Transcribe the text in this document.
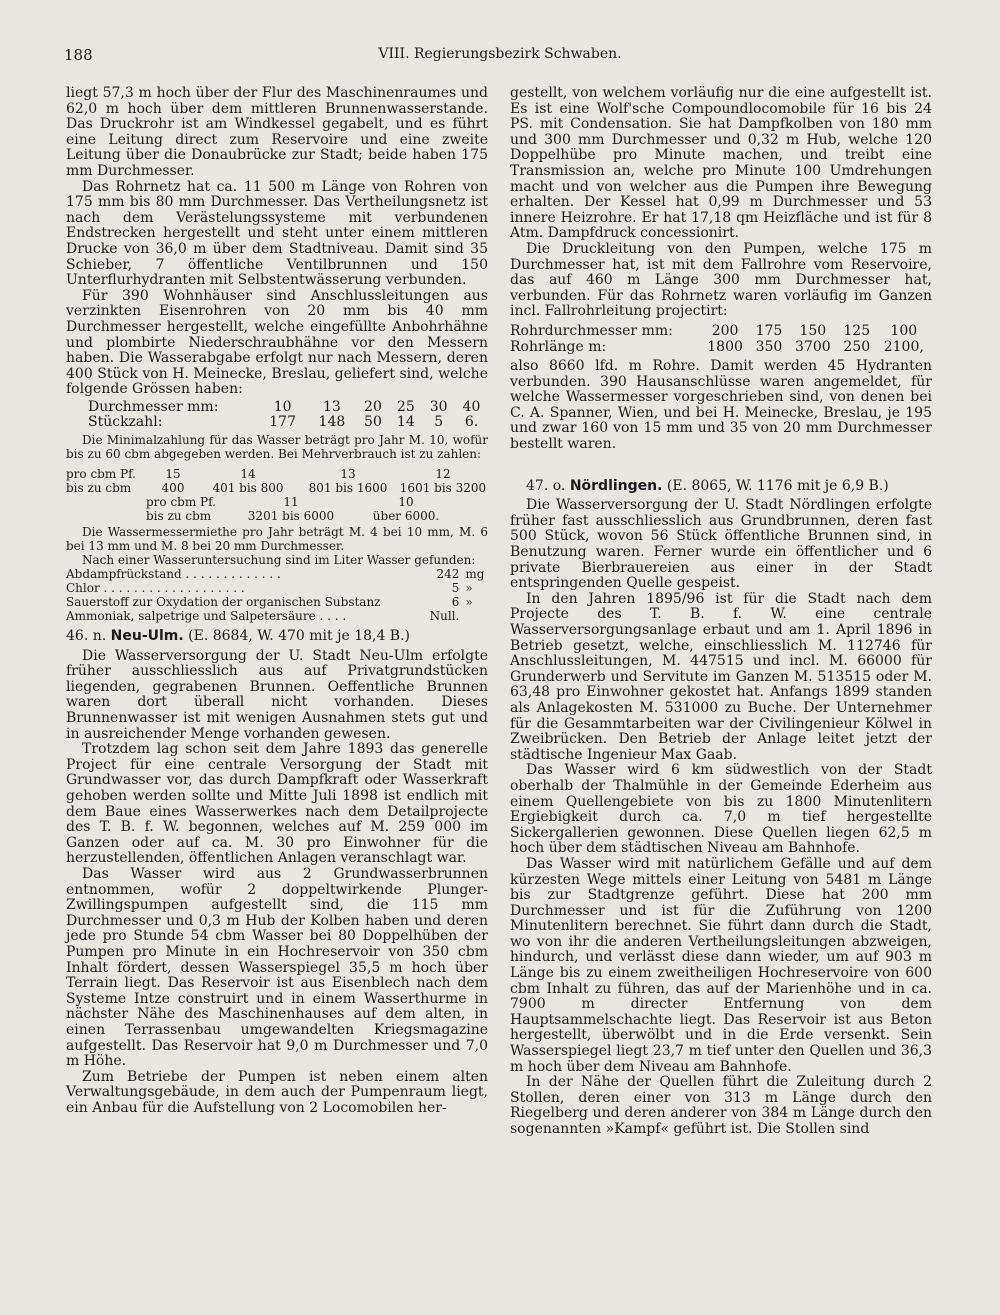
188	VIII. Regierungsbezirk Schwaben.

liegt 57,3 m hoch über der Flur des Maschinenraumes und 62,0 m hoch über dem mittleren Brunnenwasserstande. Das Druckrohr ist am Windkessel gegabelt, und es führt eine Leitung direct zum Reservoire und eine zweite Leitung über die Donaubrücke zur Stadt; beide haben 175 mm Durchmesser.

Das Rohrnetz hat ca. 11 500 m Länge von Rohren von 175 mm bis 80 mm Durchmesser. Das Vertheilungsnetz ist nach dem Verästelungssysteme mit verbundenen Endstrecken hergestellt und steht unter einem mittleren Drucke von 36,0 m über dem Stadtniveau. Damit sind 35 Schieber, 7 öffentliche Ventilbrunnen und 150 Unterflurhydranten mit Selbstentwässerung verbunden.

Für 390 Wohnhäuser sind Anschlussleitungen aus verzinkten Eisenrohren von 20 mm bis 40 mm Durchmesser hergestellt, welche eingefüllte Anbohrhähne und plombirte Niederschraubhähne vor den Messern haben. Die Wasserabgabe erfolgt nur nach Messern, deren 400 Stück von H. Meinecke, Breslau, geliefert sind, welche folgende Grössen haben:

Durchmesser mm:	10	13	20	25	30	40
Stückzahl:	177	148	50	14	5	6.

Die Minimalzahlung für das Wasser beträgt pro Jahr M. 10, wofür bis zu 60 cbm abgegeben werden. Bei Mehrverbrauch ist zu zahlen:

pro cbm Pf.	15	14	13	12
bis zu cbm	400	401 bis 800	801 bis 1600	1601 bis 3200
pro cbm Pf.	11	10
bis zu cbm	3201 bis 6000	über 6000.

Die Wassermessermiethe pro Jahr beträgt M. 4 bei 10 mm, M. 6 bei 13 mm und M. 8 bei 20 mm Durchmesser.

Nach einer Wasseruntersuchung sind im Liter Wasser gefunden:

Abdampfrückstand . . . . . . . . . . . . .	242	mg
Chlor . . . . . . . . . . . . . . . . . . .	5	»
Sauerstoff zur Oxydation der organischen Substanz	6	»
Ammoniak, salpetrige und Salpetersäure . . . .	Null.	

46. n. Neu-Ulm. (E. 8684, W. 470 mit je 18,4 B.)

Die Wasserversorgung der U. Stadt Neu-Ulm erfolgte früher ausschliesslich aus auf Privatgrundstücken liegenden, gegrabenen Brunnen. Oeffentliche Brunnen waren dort überall nicht vorhanden. Dieses Brunnenwasser ist mit wenigen Ausnahmen stets gut und in ausreichender Menge vorhanden gewesen.

Trotzdem lag schon seit dem Jahre 1893 das generelle Project für eine centrale Versorgung der Stadt mit Grundwasser vor, das durch Dampfkraft oder Wasserkraft gehoben werden sollte und Mitte Juli 1898 ist endlich mit dem Baue eines Wasserwerkes nach dem Detailprojecte des T. B. f. W. begonnen, welches auf M. 259 000 im Ganzen oder auf ca. M. 30 pro Einwohner für die herzustellenden, öffentlichen Anlagen veranschlagt war.

Das Wasser wird aus 2 Grundwasserbrunnen entnommen, wofür 2 doppeltwirkende Plunger-Zwillingspumpen aufgestellt sind, die 115 mm Durchmesser und 0,3 m Hub der Kolben haben und deren jede pro Stunde 54 cbm Wasser bei 80 Doppelhüben der Pumpen pro Minute in ein Hochreservoir von 350 cbm Inhalt fördert, dessen Wasserspiegel 35,5 m hoch über Terrain liegt. Das Reservoir ist aus Eisenblech nach dem Systeme Intze construirt und in einem Wasserthurme in nächster Nähe des Maschinenhauses auf dem alten, in einen Terrassenbau umgewandelten Kriegsmagazine aufgestellt. Das Reservoir hat 9,0 m Durchmesser und 7,0 m Höhe.

Zum Betriebe der Pumpen ist neben einem alten Verwaltungsgebäude, in dem auch der Pumpenraum liegt, ein Anbau für die Aufstellung von 2 Locomobilen her-

gestellt, von welchem vorläufig nur die eine aufgestellt ist. Es ist eine Wolf'sche Compoundlocomobile für 16 bis 24 PS. mit Condensation. Sie hat Dampfkolben von 180 mm und 300 mm Durchmesser und 0,32 m Hub, welche 120 Doppelhübe pro Minute machen, und treibt eine Transmission an, welche pro Minute 100 Umdrehungen macht und von welcher aus die Pumpen ihre Bewegung erhalten. Der Kessel hat 0,99 m Durchmesser und 53 innere Heizrohre. Er hat 17,18 qm Heizfläche und ist für 8 Atm. Dampfdruck concessionirt.

Die Druckleitung von den Pumpen, welche 175 m Durchmesser hat, ist mit dem Fallrohre vom Reservoire, das auf 460 m Länge 300 mm Durchmesser hat, verbunden. Für das Rohrnetz waren vorläufig im Ganzen incl. Fallrohrleitung projectirt:

Rohrdurchmesser mm:	200	175	150	125	100
Rohrlänge m:	1800	350	3700	250	2100,

also 8660 lfd. m Rohre. Damit werden 45 Hydranten verbunden. 390 Hausanschlüsse waren angemeldet, für welche Wassermesser vorgeschrieben sind, von denen bei C. A. Spanner, Wien, und bei H. Meinecke, Breslau, je 195 und zwar 160 von 15 mm und 35 von 20 mm Durchmesser bestellt waren.

47. o. Nördlingen. (E. 8065, W. 1176 mit je 6,9 B.)

Die Wasserversorgung der U. Stadt Nördlingen erfolgte früher fast ausschliesslich aus Grundbrunnen, deren fast 500 Stück, wovon 56 Stück öffentliche Brunnen sind, in Benutzung waren. Ferner wurde ein öffentlicher und 6 private Bierbrauereien aus einer in der Stadt entspringenden Quelle gespeist.

In den Jahren 1895/96 ist für die Stadt nach dem Projecte des T. B. f. W. eine centrale Wasserversorgungsanlage erbaut und am 1. April 1896 in Betrieb gesetzt, welche, einschliesslich M. 112746 für Anschlussleitungen, M. 447515 und incl. M. 66000 für Grunderwerb und Servitute im Ganzen M. 513515 oder M. 63,48 pro Einwohner gekostet hat. Anfangs 1899 standen als Anlagekosten M. 531000 zu Buche. Der Unternehmer für die Gesammtarbeiten war der Civilingenieur Kölwel in Zweibrücken. Den Betrieb der Anlage leitet jetzt der städtische Ingenieur Max Gaab.

Das Wasser wird 6 km südwestlich von der Stadt oberhalb der Thalmühle in der Gemeinde Ederheim aus einem Quellengebiete von bis zu 1800 Minutenlitern Ergiebigkeit durch ca. 7,0 m tief hergestellte Sickergallerien gewonnen. Diese Quellen liegen 62,5 m hoch über dem städtischen Niveau am Bahnhofe.

Das Wasser wird mit natürlichem Gefälle und auf dem kürzesten Wege mittels einer Leitung von 5481 m Länge bis zur Stadtgrenze geführt. Diese hat 200 mm Durchmesser und ist für die Zuführung von 1200 Minutenlitern berechnet. Sie führt dann durch die Stadt, wo von ihr die anderen Vertheilungsleitungen abzweigen, hindurch, und verlässt diese dann wieder, um auf 903 m Länge bis zu einem zweitheiligen Hochreservoire von 600 cbm Inhalt zu führen, das auf der Marienhöhe und in ca. 7900 m directer Entfernung von dem Hauptsammelschachte liegt. Das Reservoir ist aus Beton hergestellt, überwölbt und in die Erde versenkt. Sein Wasserspiegel liegt 23,7 m tief unter den Quellen und 36,3 m hoch über dem Niveau am Bahnhofe.

In der Nähe der Quellen führt die Zuleitung durch 2 Stollen, deren einer von 313 m Länge durch den Riegelberg und deren anderer von 384 m Länge durch den sogenannten »Kampf« geführt ist. Die Stollen sind
